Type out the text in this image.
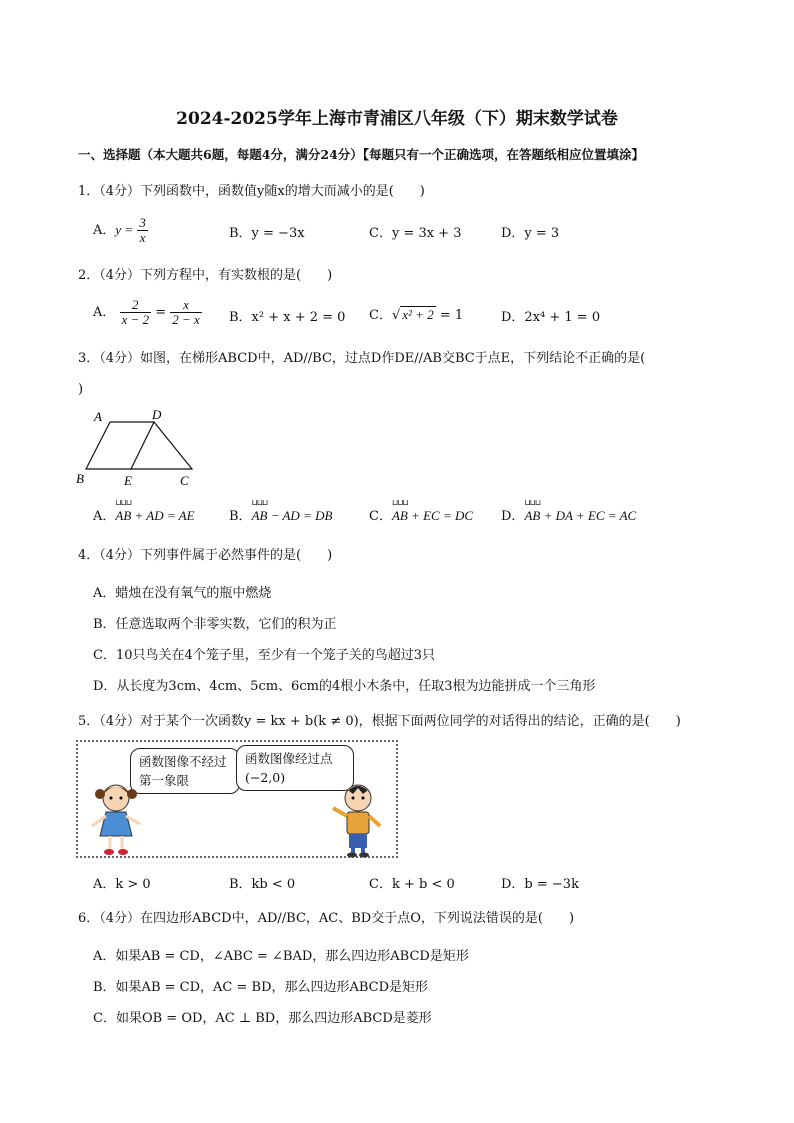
2024-2025学年上海市青浦区八年级（下）期末数学试卷
一、选择题（本大题共6题，每题4分，满分24分）【每题只有一个正确选项，在答题纸相应位置填涂】
1．（4分）下列函数中，函数值y随x的增大而减小的是(　　)
A．$y = \frac{3}{x}$	B．y = −3x	C．y = 3x + 3	D．y = 3
2．（4分）下列方程中，有实数根的是(　　)
A． $\frac{2}{x - 2} = \frac{x}{2 - x}$ B．x² + x + 2 = 0 C．√ x² + 2 = 1	D．2x⁴ + 1 = 0
3．（4分）如图，在梯形ABCD中，AD//BC，过点D作DE//AB交BC于点E，下列结论不正确的是(
)
A	D
B	E	C
A．⊔⊔⊔ AB + AD = AE	B．⊔⊔⊔ AB − AD = DB	C．⊔⊔⊔ AB + EC = DC D．⊔⊔⊔ AB + DA + EC = AC
4．（4分）下列事件属于必然事件的是(　　)
A．蜡烛在没有氧气的瓶中燃烧
B．任意选取两个非零实数，它们的积为正
C．10只鸟关在4个笼子里，至少有一个笼子关的鸟超过3只
D．从长度为3cm、4cm、5cm、6cm的4根小木条中，任取3根为边能拼成一个三角形
5．（4分）对于某个一次函数y = kx + b(k ≠ 0)，根据下面两位同学的对话得出的结论，正确的是(　　)
函数图像不经过第一象限
函数图像经过点　(−2,0)
A．k > 0	B．kb < 0	C．k + b < 0	D．b = −3k
6．（4分）在四边形ABCD中，AD//BC，AC、BD交于点O，下列说法错误的是(　　)
A．如果AB = CD，∠ABC = ∠BAD，那么四边形ABCD是矩形
B．如果AB = CD，AC = BD，那么四边形ABCD是矩形
C．如果OB = OD，AC ⊥ BD，那么四边形ABCD是菱形
